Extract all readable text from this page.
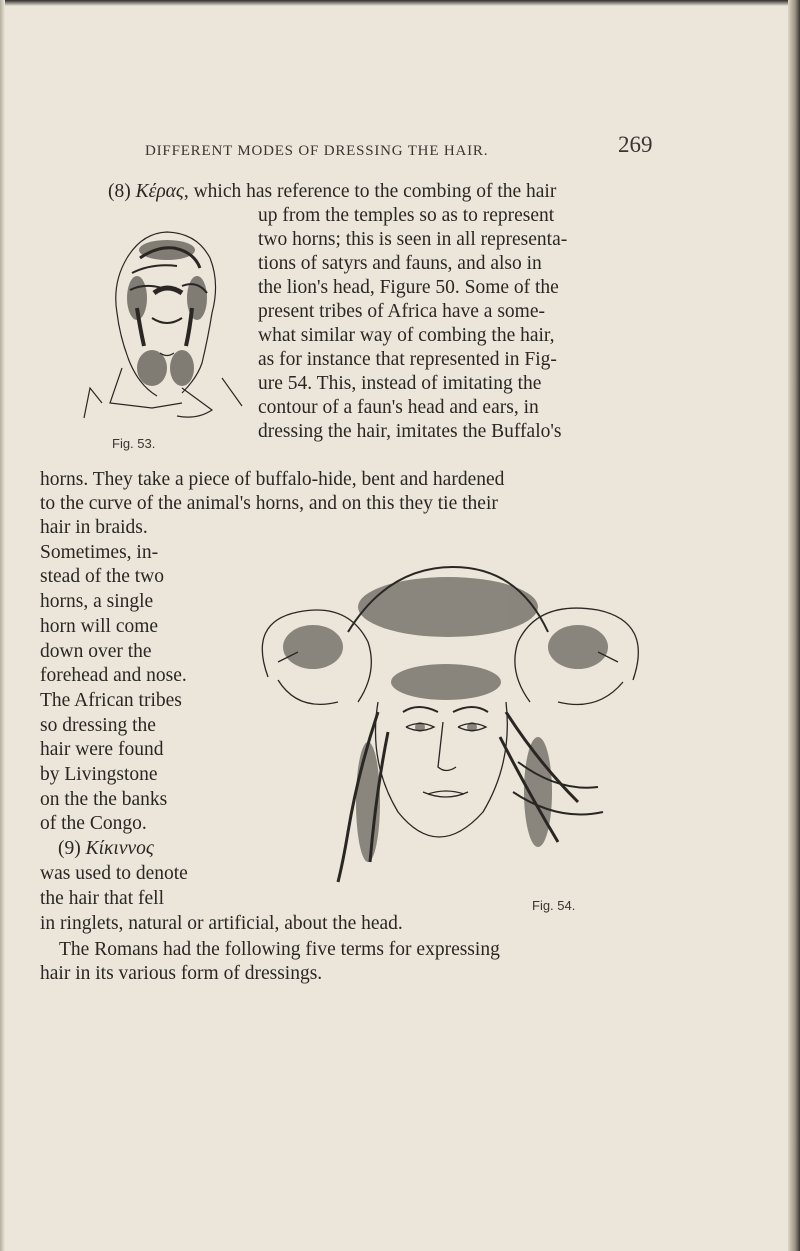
DIFFERENT MODES OF DRESSING THE HAIR.	269
(8) Κέρας, which has reference to the combing of the hair
up from the temples so as to represent
two horns; this is seen in all representa-
tions of satyrs and fauns, and also in
the lion's head, Figure 50. Some of the
present tribes of Africa have a some-
what similar way of combing the hair,
as for instance that represented in Fig-
ure 54. This, instead of imitating the
contour of a faun's head and ears, in
dressing the hair, imitates the Buffalo's
Fig. 53.
horns. They take a piece of buffalo-hide, bent and hardened
to the curve of the animal's horns, and on this they tie their
hair in braids.
Sometimes, in-
stead of the two
horns, a single
horn will come
down over the
forehead and nose.
The African tribes
so dressing the
hair were found
by Livingstone
on the the banks
of the Congo.
(9) Κίκιννος
was used to denote
the hair that fell	Fig. 54.
in ringlets, natural or artificial, about the head.
The Romans had the following five terms for expressing
hair in its various form of dressings.
